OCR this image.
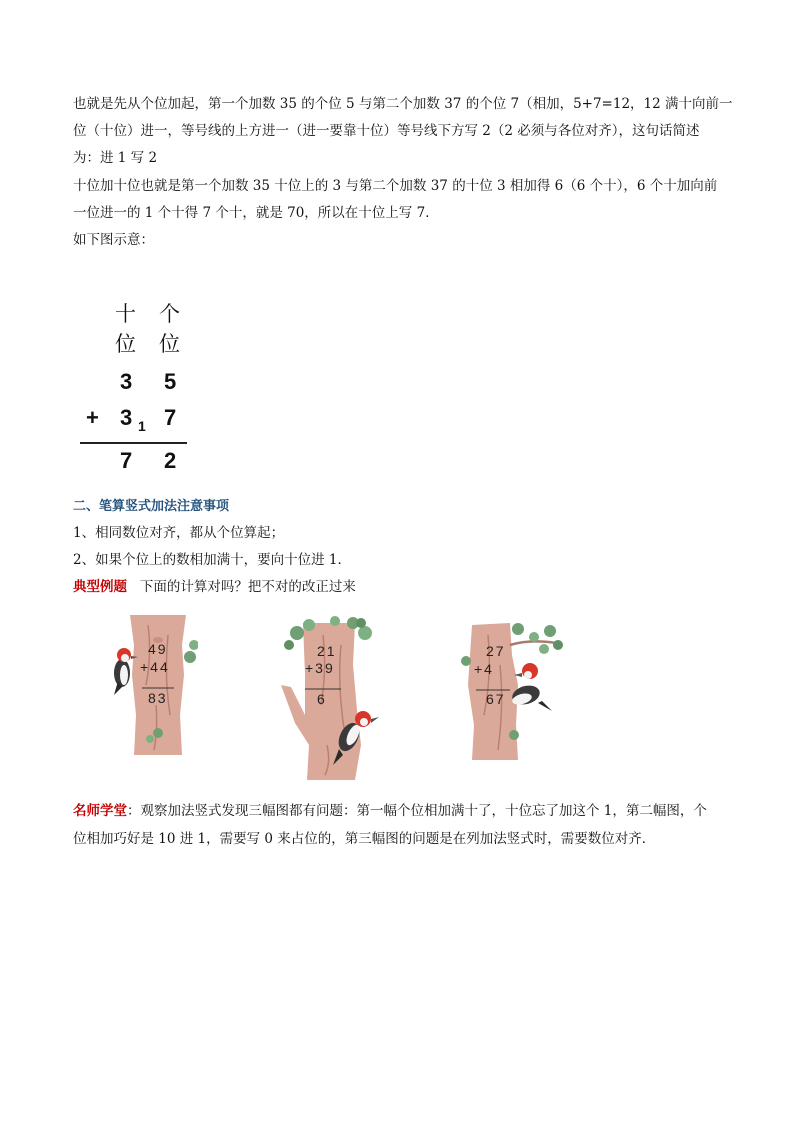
也就是先从个位加起，第一个加数 35 的个位 5 与第二个加数 37 的个位 7（相加，5+7=12，12 满十向前一
位（十位）进一，等号线的上方进一（进一要靠十位）等号线下方写 2（2 必须与各位对齐），这句话简述
为：进 1 写 2
十位加十位也就是第一个加数 35 十位上的 3 与第二个加数 37 的十位 3 相加得 6（6 个十），6 个十加向前
一位进一的 1 个十得 7 个十，就是 70，所以在十位上写 7．
如下图示意：
十
位
个
位
3 5
+ 3 1 7
7 2
二、笔算竖式加法注意事项
1、相同数位对齐，都从个位算起；
2、如果个位上的数相加满十，要向十位进 1．
典型例题 下面的计算对吗？把不对的改正过来
49
+44
83
21
+39
6
27
+4
67
名师学堂：观察加法竖式发现三幅图都有问题：第一幅个位相加满十了，十位忘了加这个 1，第二幅图，个
位相加巧好是 10 进 1，需要写 0 来占位的，第三幅图的问题是在列加法竖式时，需要数位对齐．
